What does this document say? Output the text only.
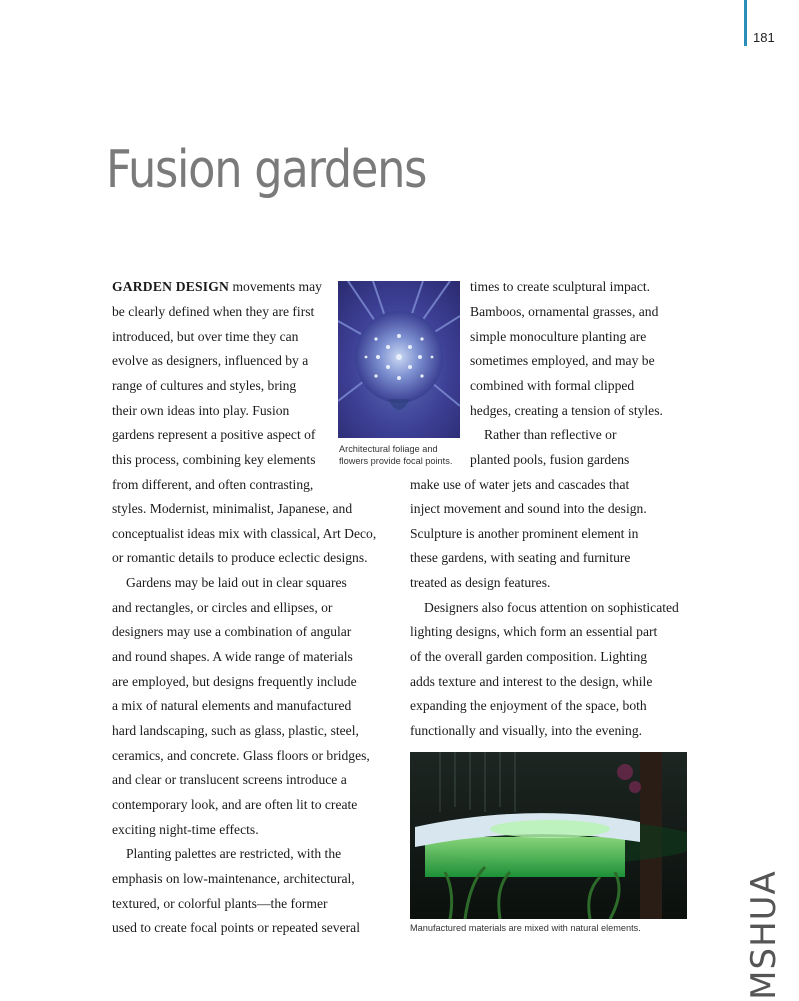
181
Fusion gardens
GARDEN DESIGN movements may
be clearly defined when they are first
introduced, but over time they can
evolve as designers, influenced by a
range of cultures and styles, bring
their own ideas into play. Fusion
gardens represent a positive aspect of
this process, combining key elements
from different, and often contrasting,
styles. Modernist, minimalist, Japanese, and
conceptualist ideas mix with classical, Art Deco,
or romantic details to produce eclectic designs.
Gardens may be laid out in clear squares
and rectangles, or circles and ellipses, or
designers may use a combination of angular
and round shapes. A wide range of materials
are employed, but designs frequently include
a mix of natural elements and manufactured
hard landscaping, such as glass, plastic, steel,
ceramics, and concrete. Glass floors or bridges,
and clear or translucent screens introduce a
contemporary look, and are often lit to create
exciting night-time effects.
Planting palettes are restricted, with the
emphasis on low-maintenance, architectural,
textured, or colorful plants—the former
used to create focal points or repeated several
times to create sculptural impact.
Bamboos, ornamental grasses, and
simple monoculture planting are
sometimes employed, and may be
combined with formal clipped
hedges, creating a tension of styles.
Rather than reflective or
planted pools, fusion gardens
make use of water jets and cascades that
inject movement and sound into the design.
Sculpture is another prominent element in
these gardens, with seating and furniture
treated as design features.
Designers also focus attention on sophisticated
lighting designs, which form an essential part
of the overall garden composition. Lighting
adds texture and interest to the design, while
expanding the enjoyment of the space, both
functionally and visually, into the evening.
Architectural foliage and
flowers provide focal points.
Manufactured materials are mixed with natural elements.	MSHUA
